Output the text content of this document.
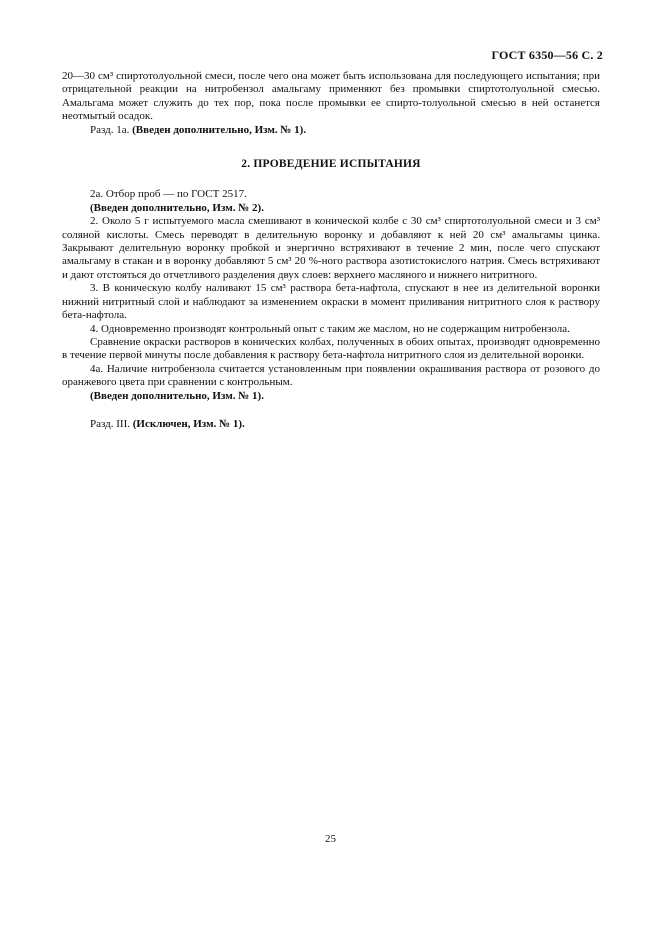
ГОСТ 6350—56 С. 2

20—30 см³ спиртотолуольной смеси, после чего она может быть использована для последующего испытания; при отрицательной реакции на нитробензол амальгаму применяют без промывки спиртотолуольной смесью. Амальгама может служить до тех пор, пока после промывки ее спирто-толуольной смесью в ней останется неотмытый осадок.

Разд. 1а. (Введен дополнительно, Изм. № 1).

2. ПРОВЕДЕНИЕ ИСПЫТАНИЯ

2а. Отбор проб — по ГОСТ 2517.

(Введен дополнительно, Изм. № 2).

2. Около 5 г испытуемого масла смешивают в конической колбе с 30 см³ спиртотолуольной смеси и 3 см³ соляной кислоты. Смесь переводят в делительную воронку и добавляют к ней 20 см³ амальгамы цинка. Закрывают делительную воронку пробкой и энергично встряхивают в течение 2 мин, после чего спускают амальгаму в стакан и в воронку добавляют 5 см³ 20 %-ного раствора азотистокислого натрия. Смесь встряхивают и дают отстояться до отчетливого разделения двух слоев: верхнего масляного и нижнего нитритного.

3. В коническую колбу наливают 15 см³ раствора бета-нафтола, спускают в нее из делительной воронки нижний нитритный слой и наблюдают за изменением окраски в момент приливания нитритного слоя к раствору бета-нафтола.

4. Одновременно производят контрольный опыт с таким же маслом, но не содержащим нитробензола.

Сравнение окраски растворов в конических колбах, полученных в обоих опытах, производят одновременно в течение первой минуты после добавления к раствору бета-нафтола нитритного слоя из делительной воронки.

4а. Наличие нитробензола считается установленным при появлении окрашивания раствора от розового до оранжевого цвета при сравнении с контрольным.

(Введен дополнительно, Изм. № 1).

Разд. III. (Исключен, Изм. № 1).

25
